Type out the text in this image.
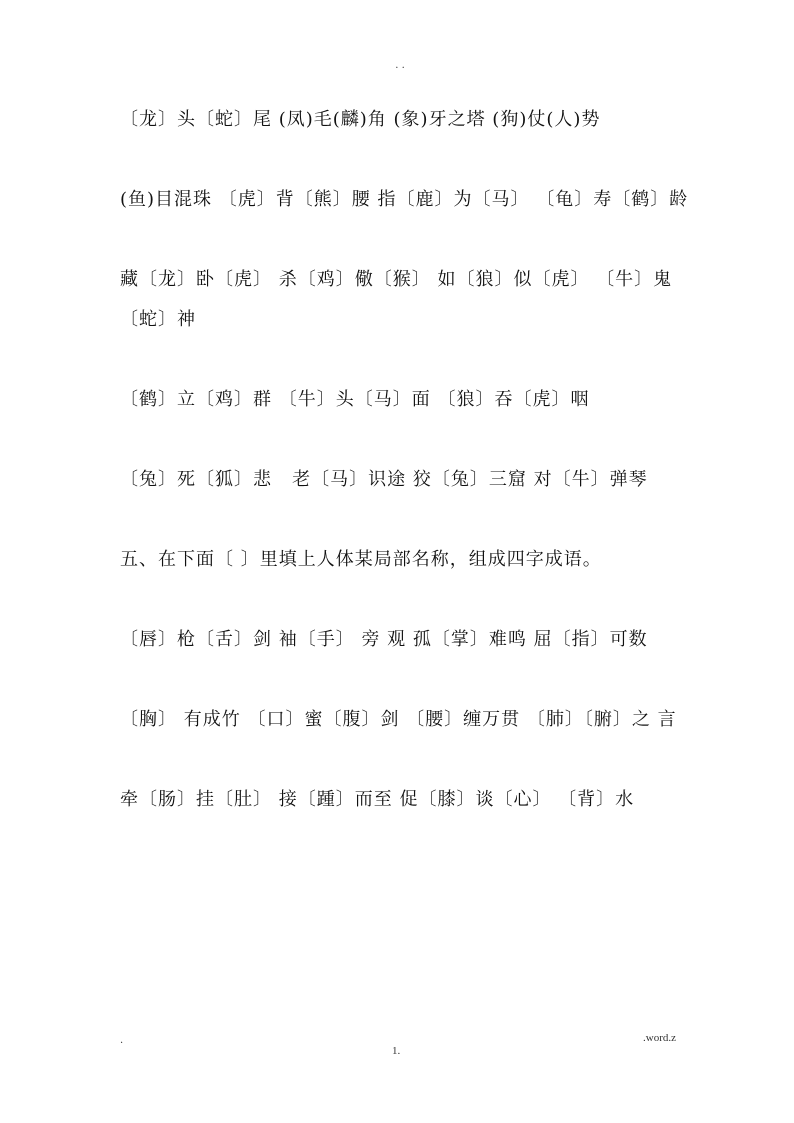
. .

〔龙〕头〔蛇〕尾 (凤)毛(麟)角 (象)牙之塔 (狗)仗(人)势

(鱼)目混珠 〔虎〕背〔熊〕腰 指〔鹿〕为〔马〕 〔龟〕寿〔鹤〕龄

藏〔龙〕卧〔虎〕 杀〔鸡〕儆〔猴〕 如〔狼〕似〔虎〕 〔牛〕鬼〔蛇〕神

〔鹤〕立〔鸡〕群 〔牛〕头〔马〕面 〔狼〕吞〔虎〕咽

〔兔〕死〔狐〕悲   老〔马〕识途 狡〔兔〕三窟 对〔牛〕弹琴

五、在下面〔 〕里填上人体某局部名称，组成四字成语。

〔唇〕枪〔舌〕剑 袖〔手〕 旁 观 孤〔掌〕难鸣 屈〔指〕可数

〔胸〕 有成竹 〔口〕蜜〔腹〕剑 〔腰〕缠万贯 〔肺〕〔腑〕之 言

牵〔肠〕挂〔肚〕 接〔踵〕而至 促〔膝〕谈〔心〕 〔背〕水

.	.word.z
1.
